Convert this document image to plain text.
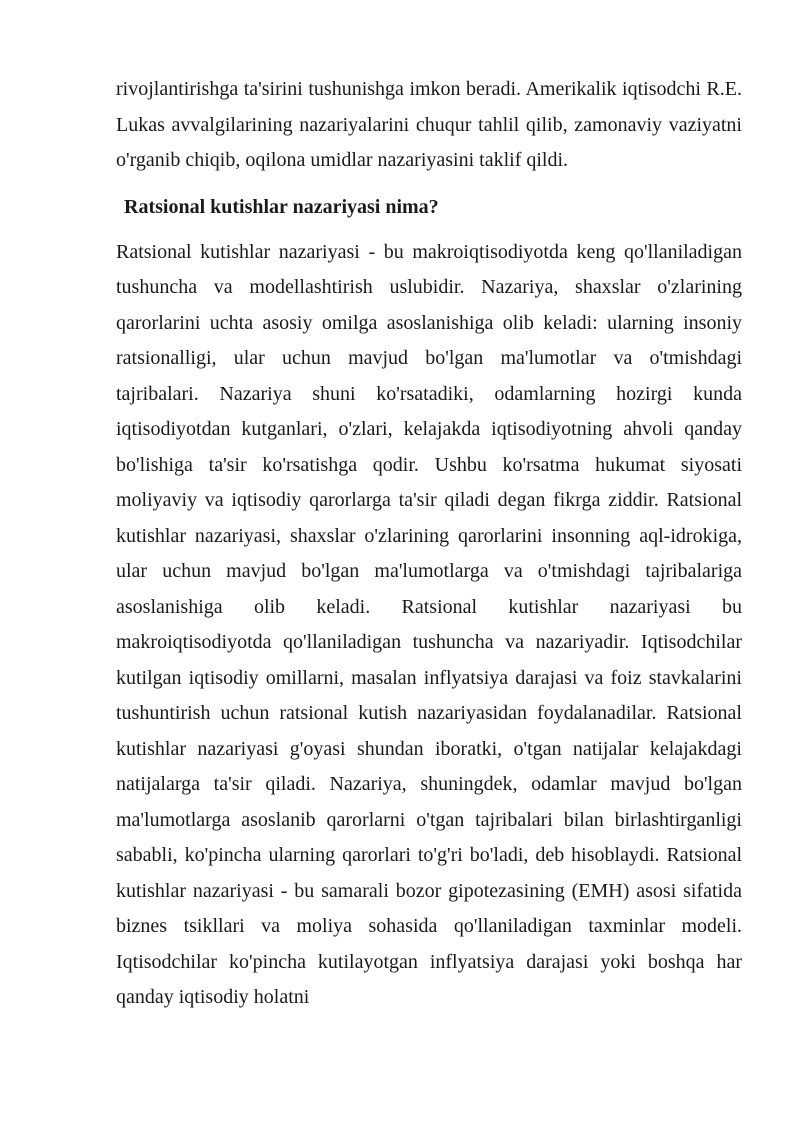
rivojlantirishga ta'sirini tushunishga imkon beradi. Amerikalik iqtisodchi R.E. Lukas avvalgilarining nazariyalarini chuqur tahlil qilib, zamonaviy vaziyatni o'rganib chiqib, oqilona umidlar nazariyasini taklif qildi.

Ratsional kutishlar nazariyasi nima?

Ratsional kutishlar nazariyasi - bu makroiqtisodiyotda keng qo'llaniladigan tushuncha va modellashtirish uslubidir. Nazariya, shaxslar o'zlarining qarorlarini uchta asosiy omilga asoslanishiga olib keladi: ularning insoniy ratsionalligi, ular uchun mavjud bo'lgan ma'lumotlar va o'tmishdagi tajribalari. Nazariya shuni ko'rsatadiki, odamlarning hozirgi kunda iqtisodiyotdan kutganlari, o'zlari, kelajakda iqtisodiyotning ahvoli qanday bo'lishiga ta'sir ko'rsatishga qodir. Ushbu ko'rsatma hukumat siyosati moliyaviy va iqtisodiy qarorlarga ta'sir qiladi degan fikrga ziddir. Ratsional kutishlar nazariyasi, shaxslar o'zlarining qarorlarini insonning aql-idrokiga, ular uchun mavjud bo'lgan ma'lumotlarga va o'tmishdagi tajribalariga asoslanishiga olib keladi. Ratsional kutishlar nazariyasi bu makroiqtisodiyotda qo'llaniladigan tushuncha va nazariyadir. Iqtisodchilar kutilgan iqtisodiy omillarni, masalan inflyatsiya darajasi va foiz stavkalarini tushuntirish uchun ratsional kutish nazariyasidan foydalanadilar. Ratsional kutishlar nazariyasi g'oyasi shundan iboratki, o'tgan natijalar kelajakdagi natijalarga ta'sir qiladi. Nazariya, shuningdek, odamlar mavjud bo'lgan ma'lumotlarga asoslanib qarorlarni o'tgan tajribalari bilan birlashtirganligi sababli, ko'pincha ularning qarorlari to'g'ri bo'ladi, deb hisoblaydi. Ratsional kutishlar nazariyasi - bu samarali bozor gipotezasining (EMH) asosi sifatida biznes tsikllari va moliya sohasida qo'llaniladigan taxminlar modeli. Iqtisodchilar ko'pincha kutilayotgan inflyatsiya darajasi yoki boshqa har qanday iqtisodiy holatni
